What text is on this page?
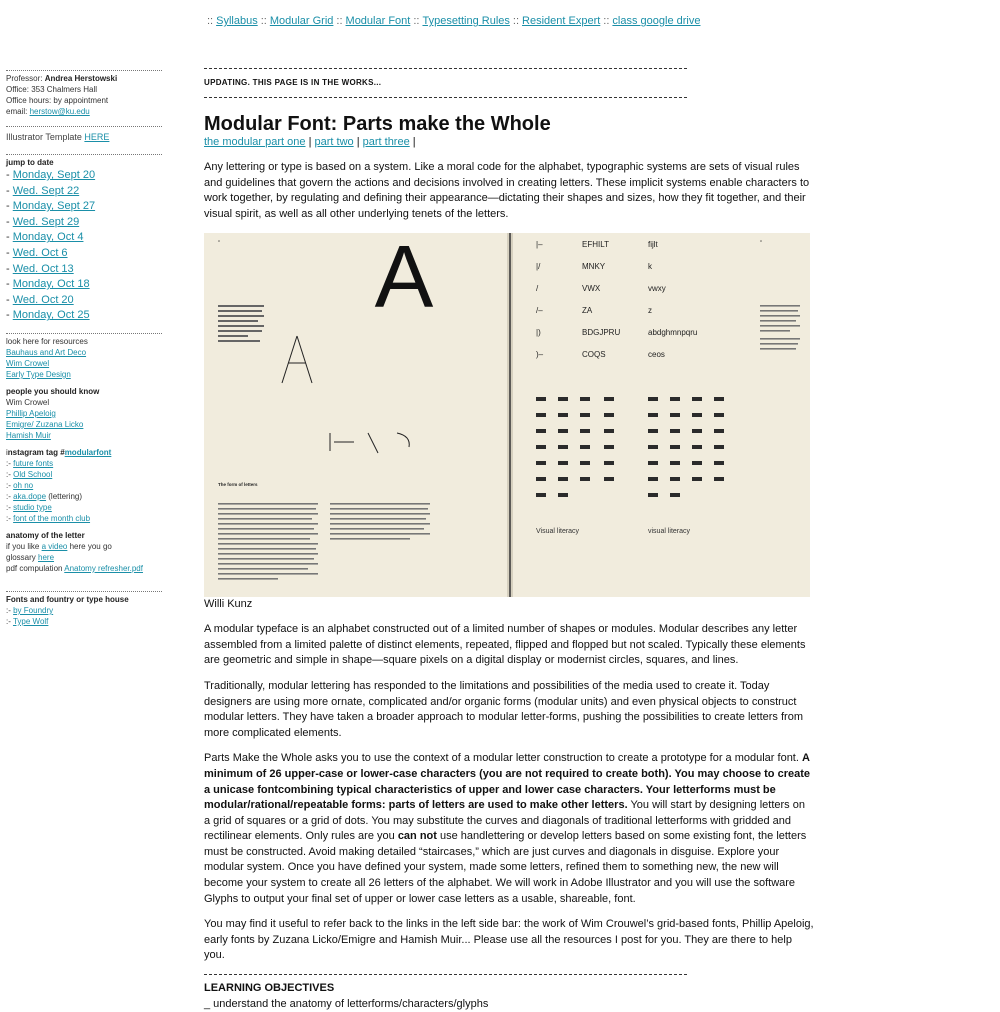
:: Syllabus :: Modular Grid :: Modular Font :: Typesetting Rules :: Resident Expert :: class google drive
Professor: Andrea Herstowski
Office: 353 Chalmers Hall
Office hours: by appointment
email: herstow@ku.edu
Illustrator Template HERE
jump to date
- Monday, Sept 20
- Wed. Sept 22
- Monday, Sept 27
- Wed. Sept 29
- Monday, Oct 4
- Wed. Oct 6
- Wed. Oct 13
- Monday, Oct 18
- Wed. Oct 20
- Monday, Oct 25
look here for resources
Bauhaus and Art Deco
Wim Crowel
Early Type Design

people you should know
Wim Crowel
Phillip Apeloig
Emigre/ Zuzana Licko
Hamish Muir

instagram tag #modularfont
:- future fonts
:- Old School
:- oh no
:- aka.dope (lettering)
:- studio type
:- font of the month club
anatomy of the letter
if you like a video here you go
glossary here
pdf compulation Anatomy refresher.pdf
Fonts and fountry or type house
:- by Foundry
:- Type Wolf
UPDATING. THIS PAGE IS IN THE WORKS...
Modular Font: Parts make the Whole
the modular part one | part two | part three |

Any lettering or type is based on a system. Like a moral code for the alphabet, typographic systems are sets of visual rules and guidelines that govern the actions and decisions involved in creating letters. These implicit systems enable characters to work together, by regulating and defining their appearance—dictating their shapes and sizes, how they fit together, and their visual spirit, as well as all other underlying tenets of the letters.

” A
The form of letters
|–	EFHILT	fijlt
|/	MNKY	k
/	VWX	vwxy
/–	ZA	z
|)	BDGJPRU	abdghmnpqru
)–	COQS	ceos
”
Visual literacy	visual literacy
Willi Kunz

A modular typeface is an alphabet constructed out of a limited number of shapes or modules. Modular describes any letter assembled from a limited palette of distinct elements, repeated, flipped and flopped but not scaled. Typically these elements are geometric and simple in shape—square pixels on a digital display or modernist circles, squares, and lines.

Traditionally, modular lettering has responded to the limitations and possibilities of the media used to create it. Today designers are using more ornate, complicated and/or organic forms (modular units) and even physical objects to construct modular letters. They have taken a broader approach to modular letter-forms, pushing the possibilities to create letters from more complicated elements.

Parts Make the Whole asks you to use the context of a modular letter construction to create a prototype for a modular font. A minimum of 26 upper-case or lower-case characters (you are not required to create both). You may choose to create a unicase fontcombining typical characteristics of upper and lower case characters. Your letterforms must be modular/rational/repeatable forms: parts of letters are used to make other letters. You will start by designing letters on a grid of squares or a grid of dots. You may substitute the curves and diagonals of traditional letterforms with gridded and rectilinear elements. Only rules are you can not use handlettering or develop letters based on some existing font, the letters must be constructed. Avoid making detailed “staircases,” which are just curves and diagonals in disguise. Explore your modular system. Once you have defined your system, made some letters, refined them to something new, the new will become your system to create all 26 letters of the alphabet. We will work in Adobe Illustrator and you will use the software Glyphs to output your final set of upper or lower case letters as a usable, shareable, font.

You may find it useful to refer back to the links in the left side bar: the work of Wim Crouwel’s grid-based fonts, Phillip Apeloig, early fonts by Zuzana Licko/Emigre and Hamish Muir... Please use all the resources I post for you. They are there to help you.

LEARNING OBJECTIVES
_ understand the anatomy of letterforms/characters/glyphs
